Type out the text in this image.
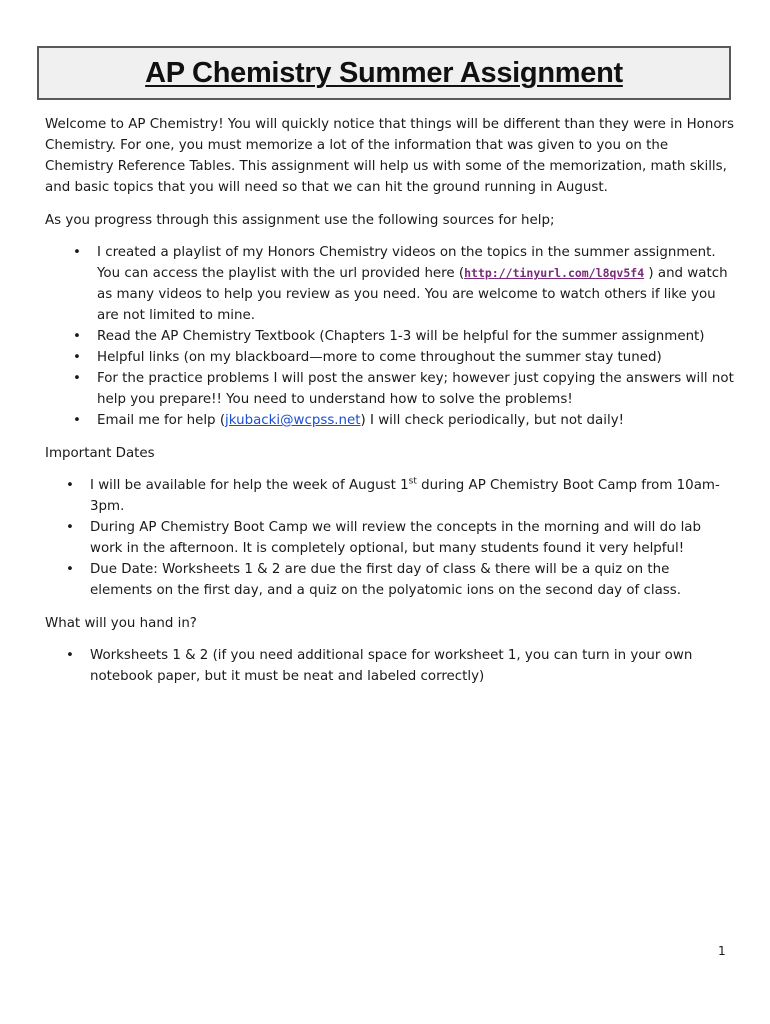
AP Chemistry Summer Assignment

Welcome to AP Chemistry! You will quickly notice that things will be different than they were in Honors Chemistry. For one, you must memorize a lot of the information that was given to you on the Chemistry Reference Tables. This assignment will help us with some of the memorization, math skills, and basic topics that you will need so that we can hit the ground running in August.

As you progress through this assignment use the following sources for help;

• I created a playlist of my Honors Chemistry videos on the topics in the summer assignment. You can access the playlist with the url provided here (http://tinyurl.com/l8qv5f4 ) and watch as many videos to help you review as you need. You are welcome to watch others if like you are not limited to mine.
• Read the AP Chemistry Textbook (Chapters 1-3 will be helpful for the summer assignment)
• Helpful links (on my blackboard—more to come throughout the summer stay tuned)
• For the practice problems I will post the answer key; however just copying the answers will not help you prepare!! You need to understand how to solve the problems!
• Email me for help (jkubacki@wcpss.net) I will check periodically, but not daily!

Important Dates

• I will be available for help the week of August 1st during AP Chemistry Boot Camp from 10am-3pm.
• During AP Chemistry Boot Camp we will review the concepts in the morning and will do lab work in the afternoon. It is completely optional, but many students found it very helpful!
• Due Date: Worksheets 1 & 2 are due the first day of class & there will be a quiz on the elements on the first day, and a quiz on the polyatomic ions on the second day of class.

What will you hand in?

• Worksheets 1 & 2 (if you need additional space for worksheet 1, you can turn in your own notebook paper, but it must be neat and labeled correctly)
1
